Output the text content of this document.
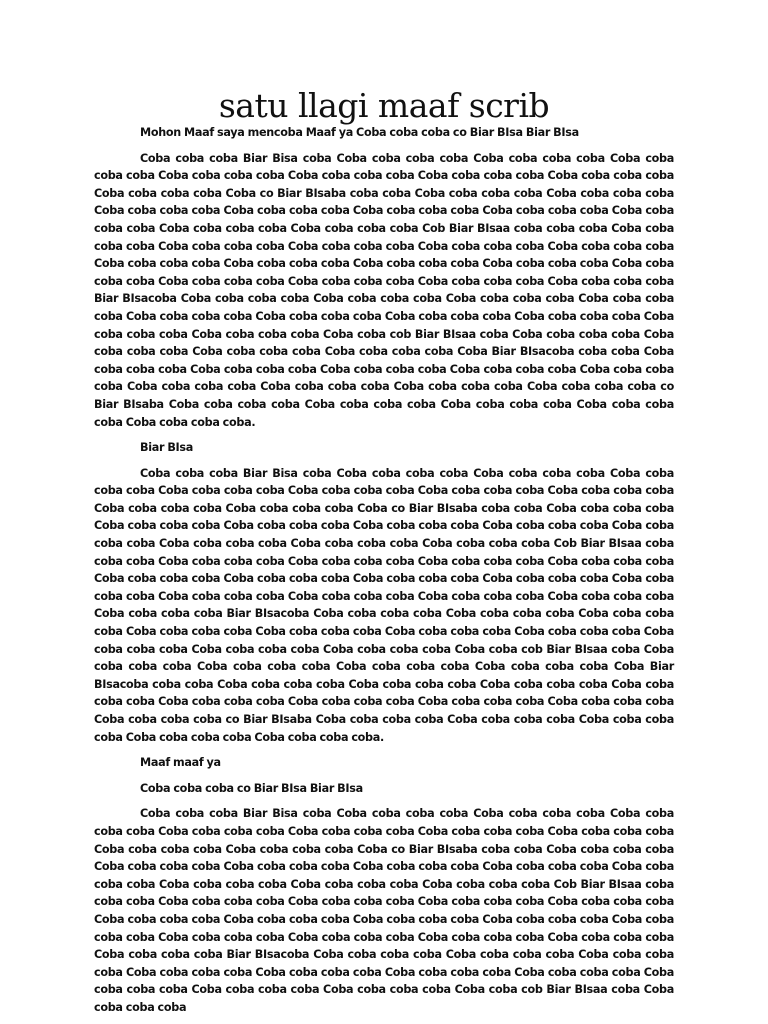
satu llagi maaf scrib

Mohon Maaf saya mencoba Maaf ya Coba coba coba co Biar BIsa Biar BIsa

Coba coba coba Biar Bisa coba Coba coba coba coba Coba coba coba coba Coba coba coba coba Coba coba coba coba Coba coba coba coba Coba coba coba coba Coba coba coba coba Coba coba coba coba Coba co Biar BIsaba coba coba Coba coba coba coba Coba coba coba coba Coba coba coba coba Coba coba coba coba Coba coba coba coba Coba coba coba coba Coba coba coba coba Coba coba coba coba Coba coba coba coba Cob Biar BIsaa coba coba coba Coba coba coba coba Coba coba coba coba Coba coba coba coba Coba coba coba coba Coba coba coba coba Coba coba coba coba Coba coba coba coba Coba coba coba coba Coba coba coba coba Coba coba coba coba Coba coba coba coba Coba coba coba coba Coba coba coba coba Coba coba coba coba Biar BIsacoba Coba coba coba coba Coba coba coba coba Coba coba coba coba Coba coba coba coba Coba coba coba coba Coba coba coba coba Coba coba coba coba Coba coba coba coba Coba coba coba coba Coba coba coba coba Coba coba cob Biar BIsaa coba Coba coba coba coba Coba coba coba coba Coba coba coba coba Coba coba coba coba Coba Biar BIsacoba coba coba Coba coba coba coba Coba coba coba coba Coba coba coba coba Coba coba coba coba Coba coba coba coba Coba coba coba coba Coba coba coba coba Coba coba coba coba Coba coba coba coba co Biar BIsaba Coba coba coba coba Coba coba coba coba Coba coba coba coba Coba coba coba coba Coba coba coba coba.

Biar BIsa

Coba coba coba Biar Bisa coba Coba coba coba coba Coba coba coba coba Coba coba coba coba Coba coba coba coba Coba coba coba coba Coba coba coba coba Coba coba coba coba Coba coba coba coba Coba coba coba coba Coba co Biar BIsaba coba coba Coba coba coba coba Coba coba coba coba Coba coba coba coba Coba coba coba coba Coba coba coba coba Coba coba coba coba Coba coba coba coba Coba coba coba coba Coba coba coba coba Cob Biar BIsaa coba coba coba Coba coba coba coba Coba coba coba coba Coba coba coba coba Coba coba coba coba Coba coba coba coba Coba coba coba coba Coba coba coba coba Coba coba coba coba Coba coba coba coba Coba coba coba coba Coba coba coba coba Coba coba coba coba Coba coba coba coba Coba coba coba coba Biar BIsacoba Coba coba coba coba Coba coba coba coba Coba coba coba coba Coba coba coba coba Coba coba coba coba Coba coba coba coba Coba coba coba coba Coba coba coba coba Coba coba coba coba Coba coba coba coba Coba coba cob Biar BIsaa coba Coba coba coba coba Coba coba coba coba Coba coba coba coba Coba coba coba coba Coba Biar BIsacoba coba coba Coba coba coba coba Coba coba coba coba Coba coba coba coba Coba coba coba coba Coba coba coba coba Coba coba coba coba Coba coba coba coba Coba coba coba coba Coba coba coba coba co Biar BIsaba Coba coba coba coba Coba coba coba coba Coba coba coba coba Coba coba coba coba Coba coba coba coba.

Maaf maaf ya

Coba coba coba co Biar BIsa Biar BIsa

Coba coba coba Biar Bisa coba Coba coba coba coba Coba coba coba coba Coba coba coba coba Coba coba coba coba Coba coba coba coba Coba coba coba coba Coba coba coba coba Coba coba coba coba Coba coba coba coba Coba co Biar BIsaba coba coba Coba coba coba coba Coba coba coba coba Coba coba coba coba Coba coba coba coba Coba coba coba coba Coba coba coba coba Coba coba coba coba Coba coba coba coba Coba coba coba coba Cob Biar BIsaa coba coba coba Coba coba coba coba Coba coba coba coba Coba coba coba coba Coba coba coba coba Coba coba coba coba Coba coba coba coba Coba coba coba coba Coba coba coba coba Coba coba coba coba Coba coba coba coba Coba coba coba coba Coba coba coba coba Coba coba coba coba Coba coba coba coba Biar BIsacoba Coba coba coba coba Coba coba coba coba Coba coba coba coba Coba coba coba coba Coba coba coba coba Coba coba coba coba Coba coba coba coba Coba coba coba coba Coba coba coba coba Coba coba coba coba Coba coba cob Biar BIsaa coba Coba coba coba coba
